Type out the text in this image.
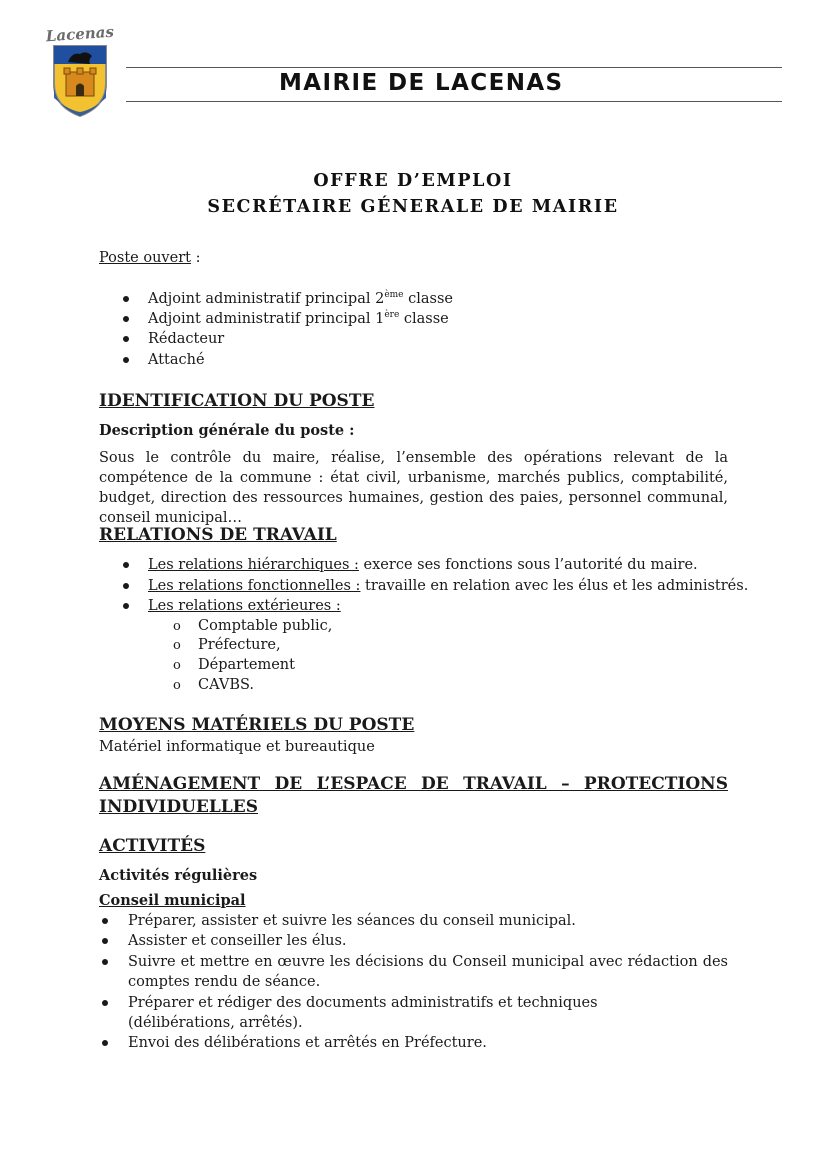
Lacenas
MAIRIE DE LACENAS
OFFRE D’EMPLOI
SECRÉTAIRE GÉNERALE DE MAIRIE
Poste ouvert :
Adjoint administratif principal 2ème classe
Adjoint administratif principal 1ère classe
Rédacteur
Attaché
IDENTIFICATION DU POSTE
Description générale du poste :
Sous le contrôle du maire, réalise, l’ensemble des opérations relevant de la compétence de la commune : état civil, urbanisme, marchés publics, comptabilité, budget, direction des ressources humaines, gestion des paies, personnel communal, conseil municipal…
RELATIONS DE TRAVAIL
Les relations hiérarchiques : exerce ses fonctions sous l’autorité du maire.
Les relations fonctionnelles : travaille en relation avec les élus et les administrés.
Les relations extérieures :
o Comptable public,
o Préfecture,
o Département
o CAVBS.
MOYENS MATÉRIELS DU POSTE
Matériel informatique et bureautique
AMÉNAGEMENT DE L’ESPACE DE TRAVAIL – PROTECTIONS INDIVIDUELLES
ACTIVITÉS
Activités régulières
Conseil municipal
Préparer, assister et suivre les séances du conseil municipal.
Assister et conseiller les élus.
Suivre et mettre en œuvre les décisions du Conseil municipal avec rédaction des comptes rendu de séance.
Préparer et rédiger des documents administratifs et techniques (délibérations, arrêtés).
Envoi des délibérations et arrêtés en Préfecture.
